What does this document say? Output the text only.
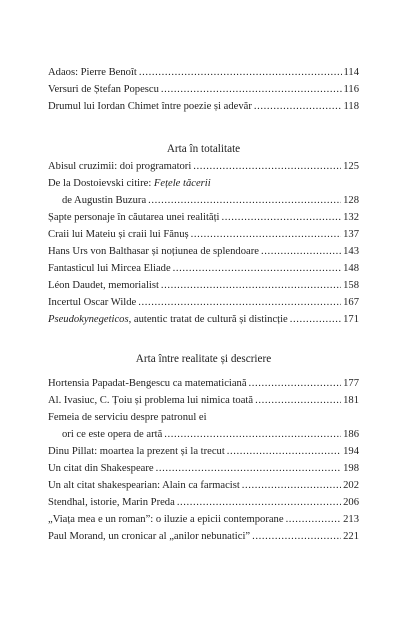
Adaos: Pierre Benoît .....	114
Versuri de Ștefan Popescu .....	116
Drumul lui Iordan Chimet între poezie și adevăr .....	118
Arta în totalitate
Abisul cruzimii: doi programatori .....	125
De la Dostoievski citire: Fețele tăcerii
de Augustin Buzura .....	128
Șapte personaje în căutarea unei realități .....	132
Craii lui Mateiu și craii lui Fănuș .....	137
Hans Urs von Balthasar și noțiunea de splendoare .....	143
Fantasticul lui Mircea Eliade .....	148
Léon Daudet, memorialist .....	158
Incertul Oscar Wilde .....	167
Pseudokynegeticos, autentic tratat de cultură și distincție .....	171
Arta între realitate și descriere
Hortensia Papadat-Bengescu ca matematiciană .....	177
Al. Ivasiuc, C. Țoiu și problema lui nimica toată .....	181
Femeia de serviciu despre patronul ei
ori ce este opera de artă .....	186
Dinu Pillat: moartea la prezent și la trecut .....	194
Un citat din Shakespeare .....	198
Un alt citat shakespearian: Alain ca farmacist .....	202
Stendhal, istorie, Marin Preda .....	206
„Viața mea e un roman”: o iluzie a epicii contemporane .....	213
Paul Morand, un cronicar al „anilor nebunatici” .....	221
